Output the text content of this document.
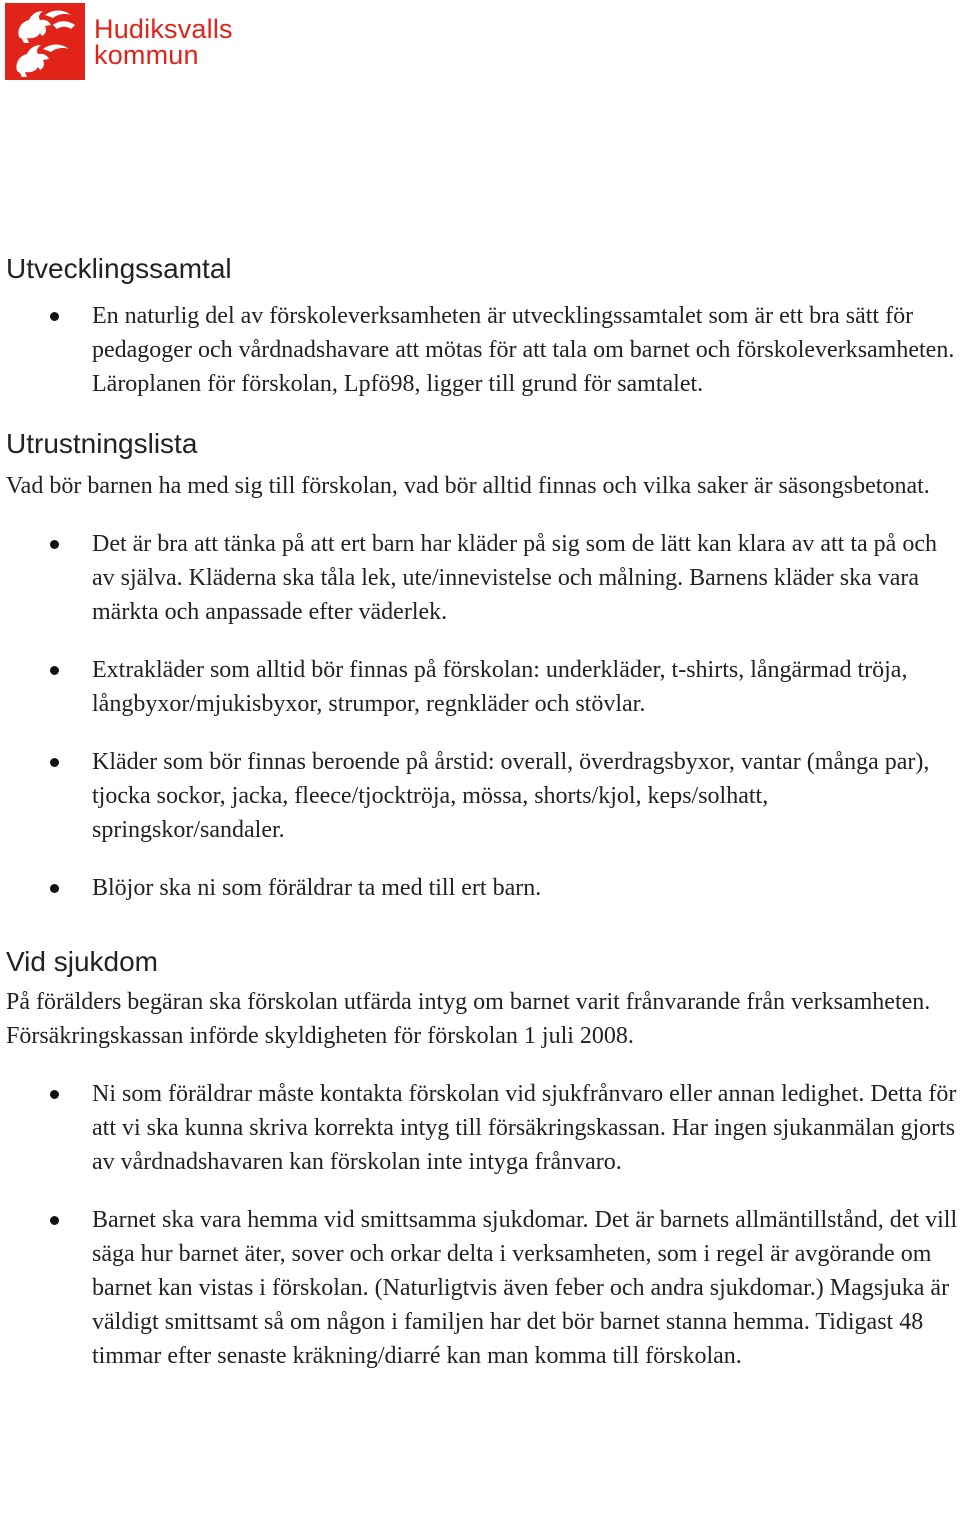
Hudiksvalls
kommun
Utvecklingssamtal
En naturlig del av förskoleverksamheten är utvecklingssamtalet som är ett bra sätt för pedagoger och vårdnadshavare att mötas för att tala om barnet och förskoleverksamheten. Läroplanen för förskolan, Lpfö98, ligger till grund för samtalet.
Utrustningslista

Vad bör barnen ha med sig till förskolan, vad bör alltid finnas och vilka saker är säsongsbetonat.

Det är bra att tänka på att ert barn har kläder på sig som de lätt kan klara av att ta på och av själva. Kläderna ska tåla lek, ute/innevistelse och målning. Barnens kläder ska vara märkta och anpassade efter väderlek.
Extrakläder som alltid bör finnas på förskolan: underkläder, t-shirts, långärmad tröja, långbyxor/mjukisbyxor, strumpor, regnkläder och stövlar.
Kläder som bör finnas beroende på årstid: overall, överdragsbyxor, vantar (många par), tjocka sockor, jacka, fleece/tjocktröja, mössa, shorts/kjol, keps/solhatt, springskor/sandaler.
Blöjor ska ni som föräldrar ta med till ert barn.
Vid sjukdom

På förälders begäran ska förskolan utfärda intyg om barnet varit frånvarande från verksamheten. Försäkringskassan införde skyldigheten för förskolan 1 juli 2008.

Ni som föräldrar måste kontakta förskolan vid sjukfrånvaro eller annan ledighet. Detta för att vi ska kunna skriva korrekta intyg till försäkringskassan. Har ingen sjukanmälan gjorts av vårdnadshavaren kan förskolan inte intyga frånvaro.
Barnet ska vara hemma vid smittsamma sjukdomar. Det är barnets allmäntillstånd, det vill säga hur barnet äter, sover och orkar delta i verksamheten, som i regel är avgörande om barnet kan vistas i förskolan. (Naturligtvis även feber och andra sjukdomar.) Magsjuka är väldigt smittsamt så om någon i familjen har det bör barnet stanna hemma. Tidigast 48 timmar efter senaste kräkning/diarré kan man komma till förskolan.
